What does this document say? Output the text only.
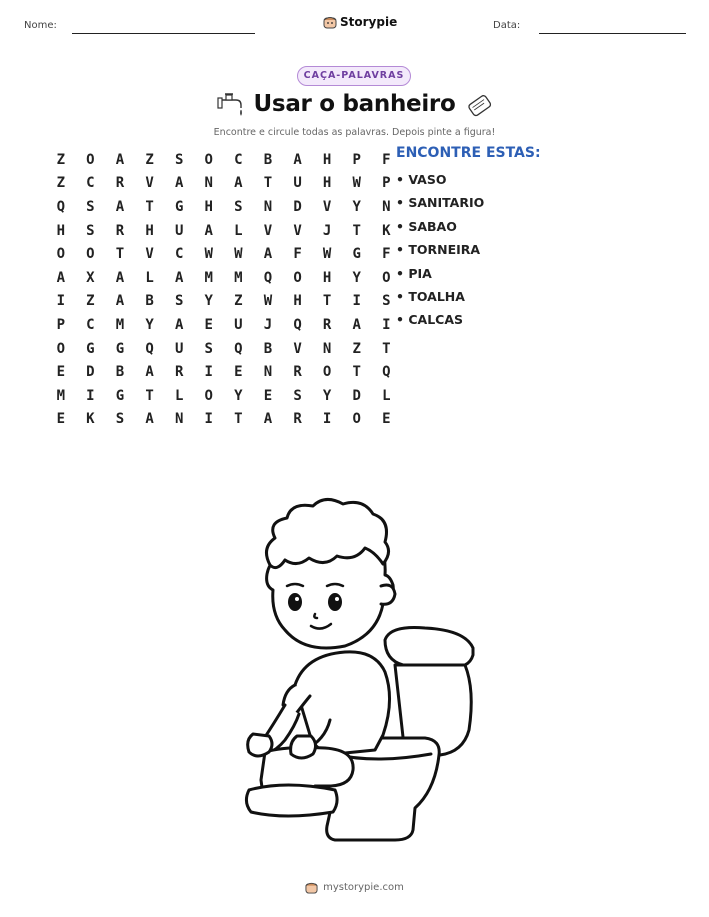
Nome:	Storypie	Data:
CAÇA-PALAVRAS
Usar o banheiro
Encontre e circule todas as palavras. Depois pinte a figura!
Z	O	A	Z	S	O	C	B	A	H	P	F
Z	C	R	V	A	N	A	T	U	H	W	P
Q	S	A	T	G	H	S	N	D	V	Y	N
H	S	R	H	U	A	L	V	V	J	T	K
O	O	T	V	C	W	W	A	F	W	G	F
A	X	A	L	A	M	M	Q	O	H	Y	O
I	Z	A	B	S	Y	Z	W	H	T	I	S
P	C	M	Y	A	E	U	J	Q	R	A	I
O	G	G	Q	U	S	Q	B	V	N	Z	T
E	D	B	A	R	I	E	N	R	O	T	Q
M	I	G	T	L	O	Y	E	S	Y	D	L
E	K	S	A	N	I	T	A	R	I	O	E
ENCONTRE ESTAS:
• VASO
• SANITARIO
• SABAO
• TORNEIRA
• PIA
• TOALHA
• CALCAS
mystorypie.com
